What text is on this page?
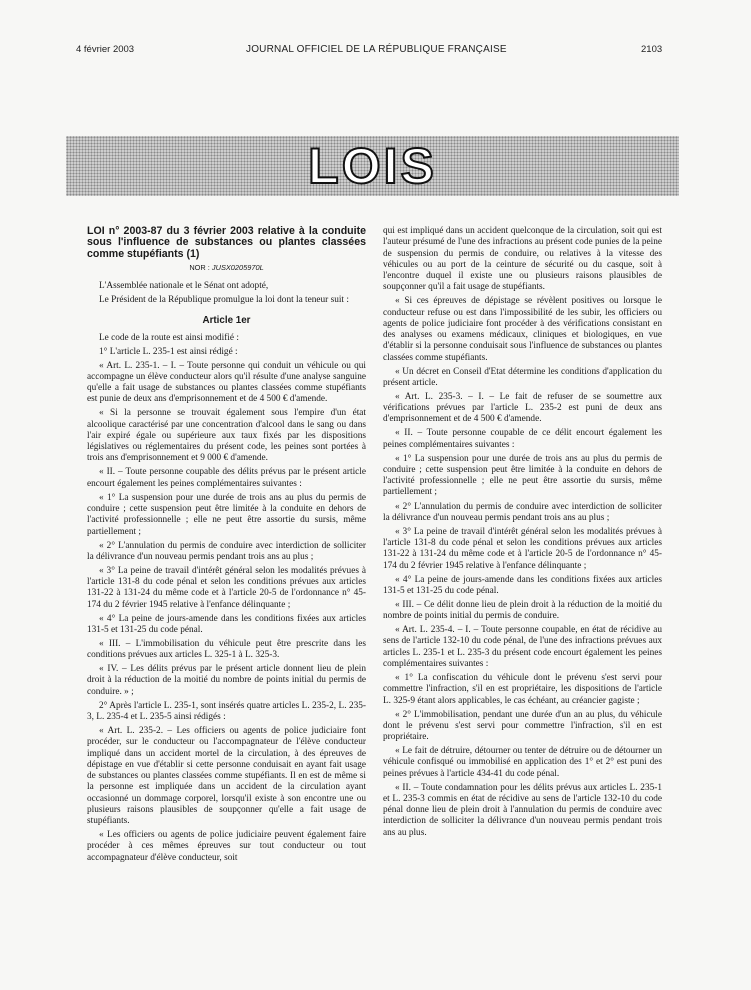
4 février 2003	JOURNAL OFFICIEL DE LA RÉPUBLIQUE FRANÇAISE	2103
LOIS

LOI n° 2003-87 du 3 février 2003 relative à la conduite sous l'influence de substances ou plantes classées comme stupéfiants (1)

NOR : JUSX0205970L

L'Assemblée nationale et le Sénat ont adopté,

Le Président de la République promulgue la loi dont la teneur suit :

Article 1er

Le code de la route est ainsi modifié :

1° L'article L. 235-1 est ainsi rédigé :

« Art. L. 235-1. – I. – Toute personne qui conduit un véhicule ou qui accompagne un élève conducteur alors qu'il résulte d'une analyse sanguine qu'elle a fait usage de substances ou plantes classées comme stupéfiants est punie de deux ans d'emprisonnement et de 4 500 € d'amende.

« Si la personne se trouvait également sous l'empire d'un état alcoolique caractérisé par une concentration d'alcool dans le sang ou dans l'air expiré égale ou supérieure aux taux fixés par les dispositions législatives ou réglementaires du présent code, les peines sont portées à trois ans d'emprisonnement et 9 000 € d'amende.

« II. – Toute personne coupable des délits prévus par le présent article encourt également les peines complémentaires suivantes :

« 1° La suspension pour une durée de trois ans au plus du permis de conduire ; cette suspension peut être limitée à la conduite en dehors de l'activité professionnelle ; elle ne peut être assortie du sursis, même partiellement ;

« 2° L'annulation du permis de conduire avec interdiction de solliciter la délivrance d'un nouveau permis pendant trois ans au plus ;

« 3° La peine de travail d'intérêt général selon les modalités prévues à l'article 131-8 du code pénal et selon les conditions prévues aux articles 131-22 à 131-24 du même code et à l'article 20-5 de l'ordonnance n° 45-174 du 2 février 1945 relative à l'enfance délinquante ;

« 4° La peine de jours-amende dans les conditions fixées aux articles 131-5 et 131-25 du code pénal.

« III. – L'immobilisation du véhicule peut être prescrite dans les conditions prévues aux articles L. 325-1 à L. 325-3.

« IV. – Les délits prévus par le présent article donnent lieu de plein droit à la réduction de la moitié du nombre de points initial du permis de conduire. » ;

2° Après l'article L. 235-1, sont insérés quatre articles L. 235-2, L. 235-3, L. 235-4 et L. 235-5 ainsi rédigés :

« Art. L. 235-2. – Les officiers ou agents de police judiciaire font procéder, sur le conducteur ou l'accompagnateur de l'élève conducteur impliqué dans un accident mortel de la circulation, à des épreuves de dépistage en vue d'établir si cette personne conduisait en ayant fait usage de substances ou plantes classées comme stupéfiants. Il en est de même si la personne est impliquée dans un accident de la circulation ayant occasionné un dommage corporel, lorsqu'il existe à son encontre une ou plusieurs raisons plausibles de soupçonner qu'elle a fait usage de stupéfiants.

« Les officiers ou agents de police judiciaire peuvent également faire procéder à ces mêmes épreuves sur tout conducteur ou tout accompagnateur d'élève conducteur, soit

qui est impliqué dans un accident quelconque de la circulation, soit qui est l'auteur présumé de l'une des infractions au présent code punies de la peine de suspension du permis de conduire, ou relatives à la vitesse des véhicules ou au port de la ceinture de sécurité ou du casque, soit à l'encontre duquel il existe une ou plusieurs raisons plausibles de soupçonner qu'il a fait usage de stupéfiants.

« Si ces épreuves de dépistage se révèlent positives ou lorsque le conducteur refuse ou est dans l'impossibilité de les subir, les officiers ou agents de police judiciaire font procéder à des vérifications consistant en des analyses ou examens médicaux, cliniques et biologiques, en vue d'établir si la personne conduisait sous l'influence de substances ou plantes classées comme stupéfiants.

« Un décret en Conseil d'Etat détermine les conditions d'application du présent article.

« Art. L. 235-3. – I. – Le fait de refuser de se soumettre aux vérifications prévues par l'article L. 235-2 est puni de deux ans d'emprisonnement et de 4 500 € d'amende.

« II. – Toute personne coupable de ce délit encourt également les peines complémentaires suivantes :

« 1° La suspension pour une durée de trois ans au plus du permis de conduire ; cette suspension peut être limitée à la conduite en dehors de l'activité professionnelle ; elle ne peut être assortie du sursis, même partiellement ;

« 2° L'annulation du permis de conduire avec interdiction de solliciter la délivrance d'un nouveau permis pendant trois ans au plus ;

« 3° La peine de travail d'intérêt général selon les modalités prévues à l'article 131-8 du code pénal et selon les conditions prévues aux articles 131-22 à 131-24 du même code et à l'article 20-5 de l'ordonnance n° 45-174 du 2 février 1945 relative à l'enfance délinquante ;

« 4° La peine de jours-amende dans les conditions fixées aux articles 131-5 et 131-25 du code pénal.

« III. – Ce délit donne lieu de plein droit à la réduction de la moitié du nombre de points initial du permis de conduire.

« Art. L. 235-4. – I. – Toute personne coupable, en état de récidive au sens de l'article 132-10 du code pénal, de l'une des infractions prévues aux articles L. 235-1 et L. 235-3 du présent code encourt également les peines complémentaires suivantes :

« 1° La confiscation du véhicule dont le prévenu s'est servi pour commettre l'infraction, s'il en est propriétaire, les dispositions de l'article L. 325-9 étant alors applicables, le cas échéant, au créancier gagiste ;

« 2° L'immobilisation, pendant une durée d'un an au plus, du véhicule dont le prévenu s'est servi pour commettre l'infraction, s'il en est propriétaire.

« Le fait de détruire, détourner ou tenter de détruire ou de détourner un véhicule confisqué ou immobilisé en application des 1° et 2° est puni des peines prévues à l'article 434-41 du code pénal.

« II. – Toute condamnation pour les délits prévus aux articles L. 235-1 et L. 235-3 commis en état de récidive au sens de l'article 132-10 du code pénal donne lieu de plein droit à l'annulation du permis de conduire avec interdiction de solliciter la délivrance d'un nouveau permis pendant trois ans au plus.
